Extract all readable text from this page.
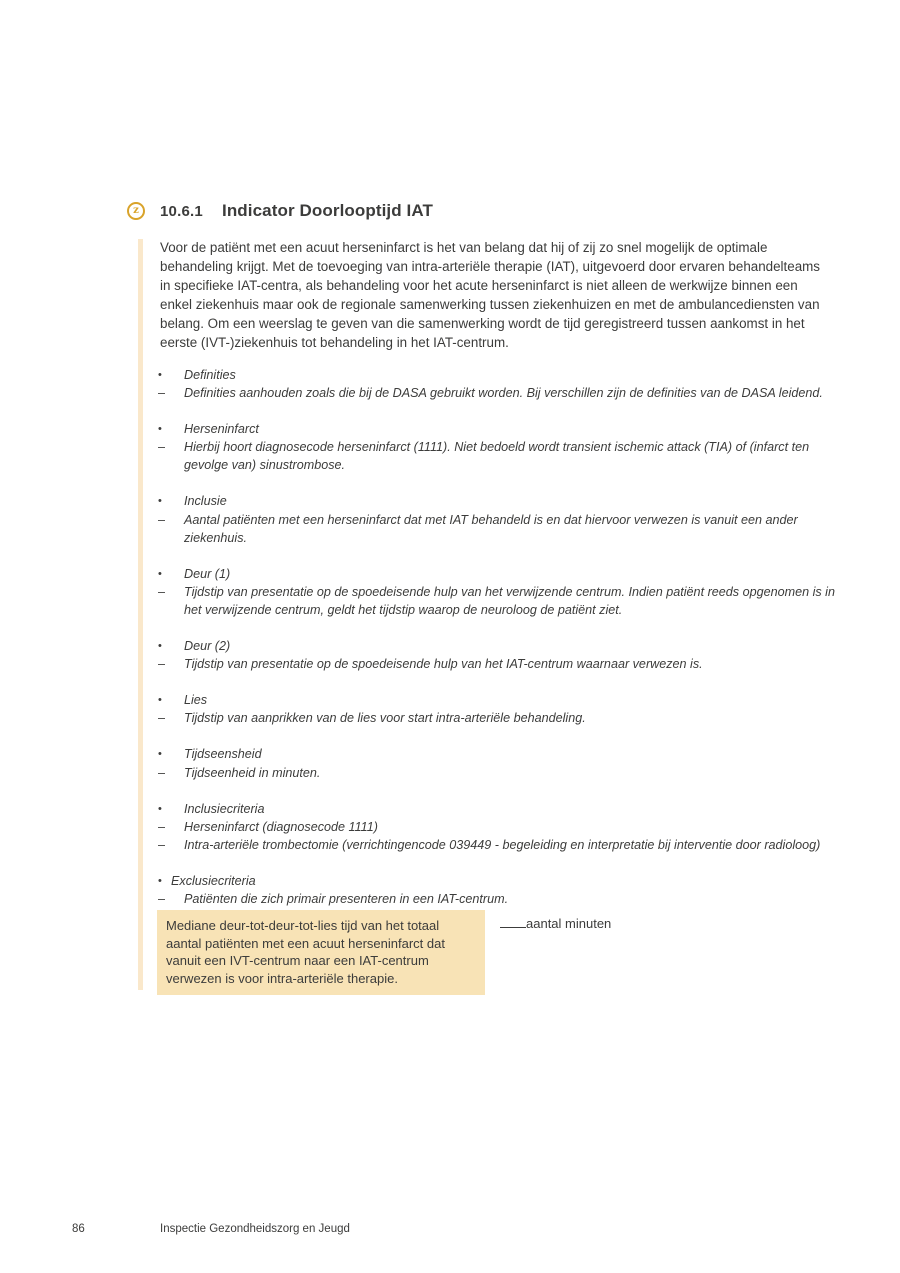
z	10.6.1 Indicator Doorlooptijd IAT

Voor de patiënt met een acuut herseninfarct is het van belang dat hij of zij zo snel mogelijk de optimale behandeling krijgt. Met de toevoeging van intra-arteriële therapie (IAT), uitgevoerd door ervaren behandelteams in specifieke IAT-centra, als behandeling voor het acute herseninfarct is niet alleen de werkwijze binnen een enkel ziekenhuis maar ook de regionale samenwerking tussen ziekenhuizen en met de ambulancediensten van belang. Om een weerslag te geven van die samenwerking wordt de tijd geregistreerd tussen aankomst in het eerste (IVT-)ziekenhuis tot behandeling in het IAT-centrum.

•	Definities
–	Definities aanhouden zoals die bij de DASA gebruikt worden. Bij verschillen zijn de definities van de DASA leidend.
•	Herseninfarct
–	Hierbij hoort diagnosecode herseninfarct (1111). Niet bedoeld wordt transient ischemic attack (TIA) of (infarct ten gevolge van) sinustrombose.
•	Inclusie
–	Aantal patiënten met een herseninfarct dat met IAT behandeld is en dat hiervoor verwezen is vanuit een ander ziekenhuis.
•	Deur (1)
–	Tijdstip van presentatie op de spoedeisende hulp van het verwijzende centrum. Indien patiënt reeds opgenomen is in het verwijzende centrum, geldt het tijdstip waarop de neuroloog de patiënt ziet.
•	Deur (2)
–	Tijdstip van presentatie op de spoedeisende hulp van het IAT-centrum waarnaar verwezen is.
•	Lies
–	Tijdstip van aanprikken van de lies voor start intra-arteriële behandeling.
•	Tijdseensheid
–	Tijdseenheid in minuten.
•	Inclusiecriteria
–	Herseninfarct (diagnosecode 1111)
–	Intra-arteriële trombectomie (verrichtingencode 039449 - begeleiding en interpretatie bij interventie door radioloog)
• Exclusiecriteria
–	Patiënten die zich primair presenteren in een IAT-centrum.

Mediane deur-tot-deur-tot-lies tijd van het totaal aantal patiënten met een acuut herseninfarct dat vanuit een IVT-centrum naar een IAT-centrum verwezen is voor intra-arteriële therapie.

aantal minuten
86	Inspectie Gezondheidszorg en Jeugd
